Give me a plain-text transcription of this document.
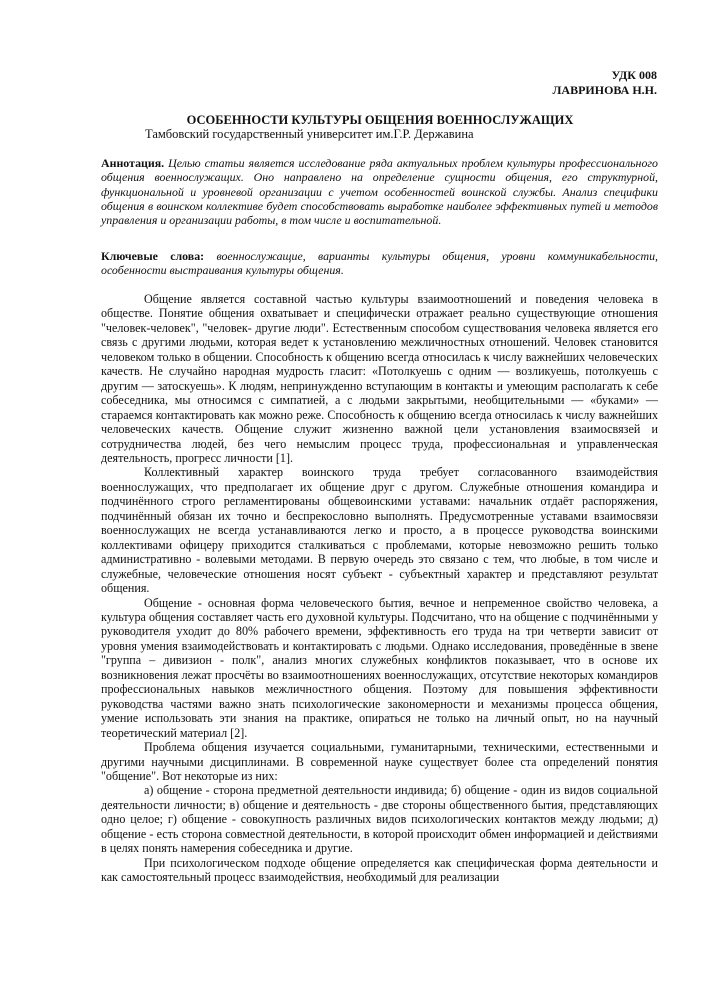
УДК 008
ЛАВРИНОВА Н.Н.
ОСОБЕННОСТИ КУЛЬТУРЫ ОБЩЕНИЯ ВОЕННОСЛУЖАЩИХ
Тамбовский государственный университет им.Г.Р. Державина
Аннотация. Целью статьи является исследование ряда актуальных проблем культуры профессионального общения военнослужащих. Оно направлено на определение сущности общения, его структурной, функциональной и уровневой организации с учетом особенностей воинской службы. Анализ специфики общения в воинском коллективе будет способствовать выработке наиболее эффективных путей и методов управления и организации работы, в том числе и воспитательной.
Ключевые слова: военнослужащие, варианты культуры общения, уровни коммуникабельности, особенности выстраивания культуры общения.

Общение является составной частью культуры взаимоотношений и поведения человека в обществе. Понятие общения охватывает и специфически отражает реально существующие отношения "человек-человек", "человек- другие люди". Естественным способом существования человека является его связь с другими людьми, которая ведет к установлению межличностных отношений. Человек становится человеком только в общении. Способность к общению всегда относилась к числу важнейших человеческих качеств. Не случайно народная мудрость гласит: «Потолкуешь с одним — возликуешь, потолкуешь с другим — затоскуешь». К людям, непринужденно вступающим в контакты и умеющим располагать к себе собеседника, мы относимся с симпатией, а с людьми закрытыми, необщительными — «буками» — стараемся контактировать как можно реже. Способность к общению всегда относилась к числу важнейших человеческих качеств. Общение служит жизненно важной цели установления взаимосвязей и сотрудничества людей, без чего немыслим процесс труда, профессиональная и управленческая деятельность, прогресс личности [1].

Коллективный характер воинского труда требует согласованного взаимодействия военнослужащих, что предполагает их общение друг с другом. Служебные отношения командира и подчинённого строго регламентированы общевоинскими уставами: начальник отдаёт распоряжения, подчинённый обязан их точно и беспрекословно выполнять. Предусмотренные уставами взаимосвязи военнослужащих не всегда устанавливаются легко и просто, а в процессе руководства воинскими коллективами офицеру приходится сталкиваться с проблемами, которые невозможно решить только административно - волевыми методами. В первую очередь это связано с тем, что любые, в том числе и служебные, человеческие отношения носят субъект - субъектный характер и представляют результат общения.

Общение - основная форма человеческого бытия, вечное и непременное свойство человека, а культура общения составляет часть его духовной культуры. Подсчитано, что на общение с подчинёнными у руководителя уходит до 80% рабочего времени, эффективность его труда на три четверти зависит от уровня умения взаимодействовать и контактировать с людьми. Однако исследования, проведённые в звене "группа – дивизион - полк", анализ многих служебных конфликтов показывает, что в основе их возникновения лежат просчёты во взаимоотношениях военнослужащих, отсутствие некоторых командиров профессиональных навыков межличностного общения. Поэтому для повышения эффективности руководства частями важно знать психологические закономерности и механизмы процесса общения, умение использовать эти знания на практике, опираться не только на личный опыт, но на научный теоретический материал [2].

Проблема общения изучается социальными, гуманитарными, техническими, естественными и другими научными дисциплинами. В современной науке существует более ста определений понятия "общение". Вот некоторые из них:

а) общение - сторона предметной деятельности индивида; б) общение - один из видов социальной деятельности личности; в) общение и деятельность - две стороны общественного бытия, представляющих одно целое; г) общение - совокупность различных видов психологических контактов между людьми; д) общение - есть сторона совместной деятельности, в которой происходит обмен информацией и действиями в целях понять намерения собеседника и другие.

При психологическом подходе общение определяется как специфическая форма деятельности и как самостоятельный процесс взаимодействия, необходимый для реализации
